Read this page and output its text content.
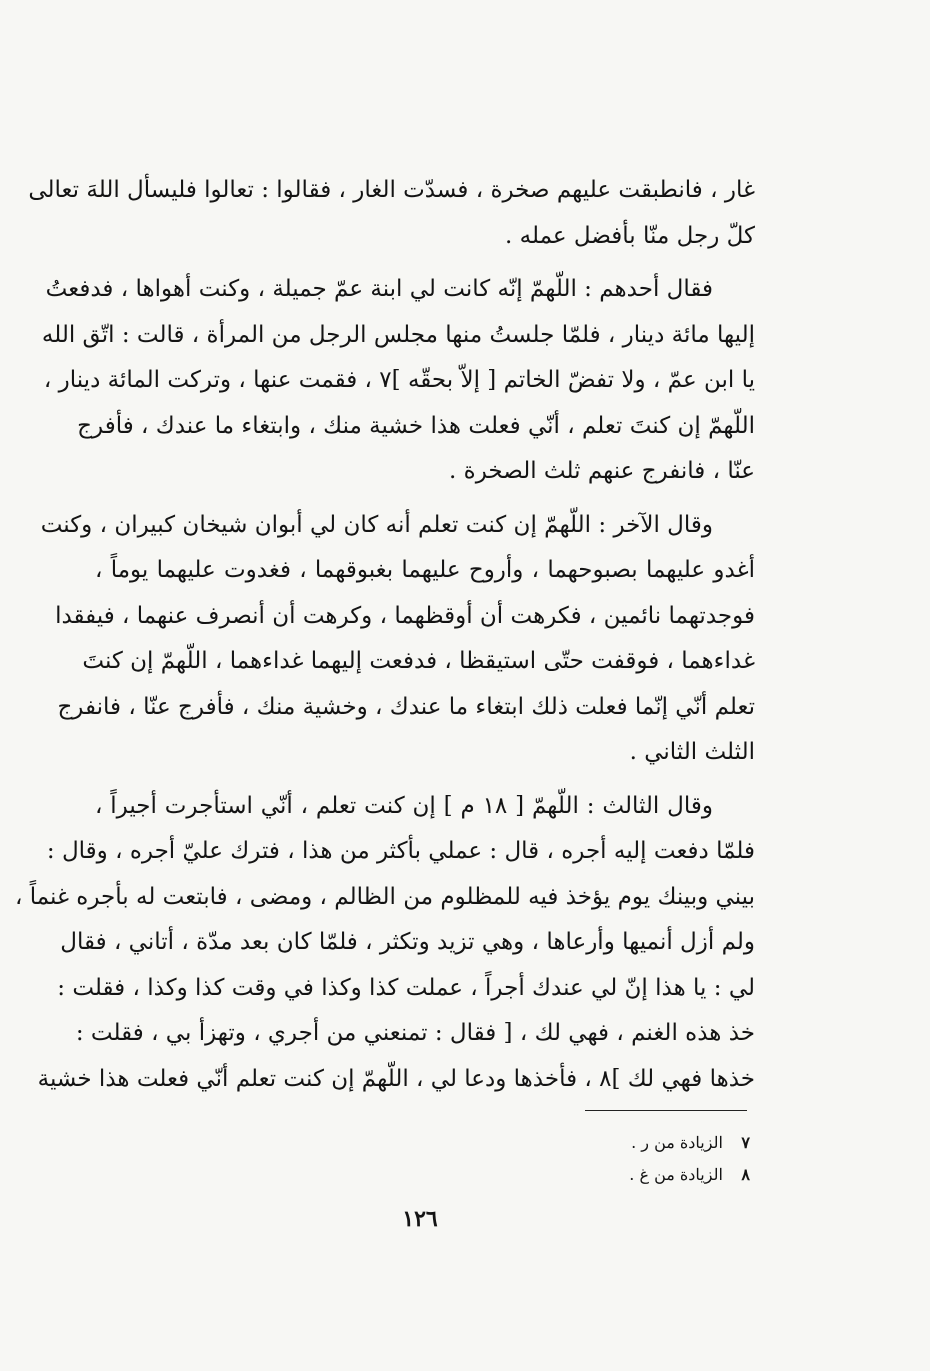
غار ، فانطبقت عليهم صخرة ، فسدّت الغار ، فقالوا : تعالوا فليسأل اللهَ تعالى
كلّ رجل منّا بأفضل عمله .

فقال أحدهم : اللّهمّ إنّه كانت لي ابنة عمّ جميلة ، وكنت أهواها ، فدفعتُ
إليها مائة دينار ، فلمّا جلستُ منها مجلس الرجل من المرأة ، قالت : اتّق الله
يا ابن عمّ ، ولا تفضّ الخاتم [ إلاّ بحقّه ]٧ ، فقمت عنها ، وتركت المائة دينار ،
اللّهمّ إن كنتَ تعلم ، أنّي فعلت هذا خشية منك ، وابتغاء ما عندك ، فأفرج
عنّا ، فانفرج عنهم ثلث الصخرة .

وقال الآخر : اللّهمّ إن كنت تعلم أنه كان لي أبوان شيخان كبيران ، وكنت
أغدو عليهما بصبوحهما ، وأروح عليهما بغبوقهما ، فغدوت عليهما يوماً ،
فوجدتهما نائمين ، فكرهت أن أوقظهما ، وكرهت أن أنصرف عنهما ، فيفقدا
غداءهما ، فوقفت حتّى استيقظا ، فدفعت إليهما غداءهما ، اللّهمّ إن كنتَ
تعلم أنّي إنّما فعلت ذلك ابتغاء ما عندك ، وخشية منك ، فأفرج عنّا ، فانفرج
الثلث الثاني .

وقال الثالث : اللّهمّ [ ١٨ م ] إن كنت تعلم ، أنّي استأجرت أجيراً ،
فلمّا دفعت إليه أجره ، قال : عملي بأكثر من هذا ، فترك عليّ أجره ، وقال :
بيني وبينك يوم يؤخذ فيه للمظلوم من الظالم ، ومضى ، فابتعت له بأجره غنماً ،
ولم أزل أنميها وأرعاها ، وهي تزيد وتكثر ، فلمّا كان بعد مدّة ، أتاني ، فقال
لي : يا هذا إنّ لي عندك أجراً ، عملت كذا وكذا في وقت كذا وكذا ، فقلت :
خذ هذه الغنم ، فهي لك ، [ فقال : تمنعني من أجري ، وتهزأ بي ، فقلت :
خذها فهي لك ]٨ ، فأخذها ودعا لي ، اللّهمّ إن كنت تعلم أنّي فعلت هذا خشية

٧ الزيادة من ر .
٨ الزيادة من غ .
١٢٦
